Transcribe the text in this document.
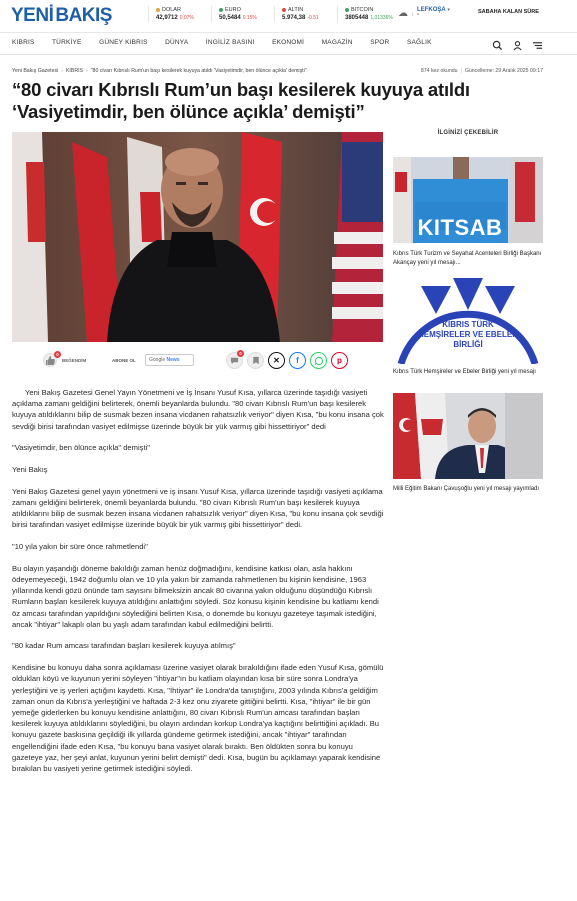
YENİ BAKIŞ	DOLAR
42,9712 0.07%
EURO
50,5484 0.15%
ALTIN
5.974,38 -0.51
BITCOIN
3805448 1,01336% ☁ | LEFKOŞA ▾
°
SABAHA KALAN SÜRE
KIBRIS	TÜRKİYE	GÜNEY KIBRIS	DÜNYA	İNGİLİZ BASINI	EKONOMİ	MAGAZİN	SPOR	SAĞLIK
Yeni Bakış Gazetesi › KIBRIS › "80 civarı Kıbrıslı Rum'un başı kesilerek kuyuya atıldı 'Vasiyetimdir, ben ölünce açıkla' demişti"	874 kez okundu | Güncelleme: 29 Aralık 2025 09:17
“80 civarı Kıbrıslı Rum’un başı kesilerek kuyuya atıldı ‘Vasiyetimdir, ben ölünce açıkla’ demişti”
0
BEĞENDİM	ABONE OL	Google News
0
✕	f	p

Yeni Bakış Gazetesi Genel Yayın Yönetmeni ve İş İnsanı Yusuf Kısa, yıllarca üzerinde taşıdığı vasiyeti açıklama zamanı geldiğini belirterek, önemli beyanlarda bulundu. "80 civarı Kıbrıslı Rum'un başı kesilerek kuyuya atıldıklarını bilip de susmak bezen insana vicdanen rahatsızlık veriyor" diyen Kısa, "bu konu insana çok sevdiği birisi tarafından vasiyet edilmişse üzerinde büyük bir yük varmış gibi hissettiriyor" dedi

"Vasiyetimdir, ben ölünce açıkla" demişti"

Yeni Bakış

Yeni Bakış Gazetesi genel yayın yönetmeni ve iş insanı Yusuf Kısa, yıllarca üzerinde taşıdığı vasiyeti açıklama zamanı geldiğini belirterek, önemli beyanlarda bulundu. "80 civarı Kıbrıslı Rum'un başı kesilerek kuyuya atıldıklarını bilip de susmak bezen insana vicdanen rahatsızlık veriyor" diyen Kısa, "bu konu insana çok sevdiği birisi tarafından vasiyet edilmişse üzerinde büyük bir yük varmış gibi hissettiriyor" dedi.

"10 yıla yakın bir süre önce rahmetlendi"

Bu olayın yaşandığı döneme bakıldığı zaman henüz doğmadığını, kendisine katkısı olan, asla hakkını ödeyemeyeceği, 1942 doğumlu olan ve 10 yıla yakın bir zamanda rahmetlenen bu kişinin kendisine, 1963 yıllarında kendi gözü önünde tam sayısını bilmeksizin ancak 80 civarına yakın olduğunu düşündüğü Kıbrıslı Rumların başları kesilerek kuyuya atıldığını anlattığını söyledi. Söz konusu kişinin kendisine bu katliamı kendi öz amcası tarafından yapıldığını söylediğini belirten Kısa, o donemde bu konuyu gazeteye taşımak istediğini, ancak "ihtiyar" lakaplı olan bu yaşlı adam tarafından kabul edilmediğini belirtti.

"80 kadar Rum amcası tarafından başları kesilerek kuyuya atılmış"

Kendisine bu konuyu daha sonra açıklaması üzerine vasiyet olarak bırakıldığını ifade eden Yusuf Kısa, gömülü oldukları köyü ve kuyunun yerini söyleyen "ihtiyar"ın bu katliam olayından kısa bir süre sonra Londra'ya yerleştiğini ve iş yerleri açtığını kaydetti. Kısa, "İhtiyar" ile Londra'da tanıştığını, 2003 yılında Kıbrıs'a geldiğim zaman onun da Kıbrıs'a yerleştiğini ve haftada 2-3 kez onu ziyarete gittiğini belirtti. Kısa, "ihtiyar" ile bir gün yemeğe giderlerken bu konuyu kendisine anlattığını, 80 civarı Kıbrıslı Rum'un amcası tarafından başları kesilerek kuyuya atıldıklarını söylediğini, bu olayın ardından korkup Londra'ya kaçtığını belirttiğini açıkladı. Bu konuyu gazete baskısına geçildiği ilk yıllarda gündeme getirmek istediğini, ancak "ihtiyar" tarafından engellendiğini ifade eden Kısa, "bu konuyu bana vasiyet olarak bıraktı. Ben öldükten sonra bu konuyu gazeteye yaz, her şeyi anlat, kuyunun yerini belirt demişti" dedi. Kısa, bugün bu açıklamayı yaparak kendisine bırakılan bu vasiyeti yerine getirmek istediğini söyledi.

İLGİNİZİ ÇEKEBİLİR
KITSAB
Kıbrıs Türk Turizm ve Seyahat Acenteleri Birliği Başkanı Akançay yeni yıl mesajı...
KIBRIS TÜRK
HEMŞİRELER VE EBELER
BİRLİĞİ
Kıbrıs Türk Hemşireler ve Ebeler Birliği yeni yıl mesajı
Milli Eğitim Bakanı Çavuşoğlu yeni yıl mesajı yayımladı
